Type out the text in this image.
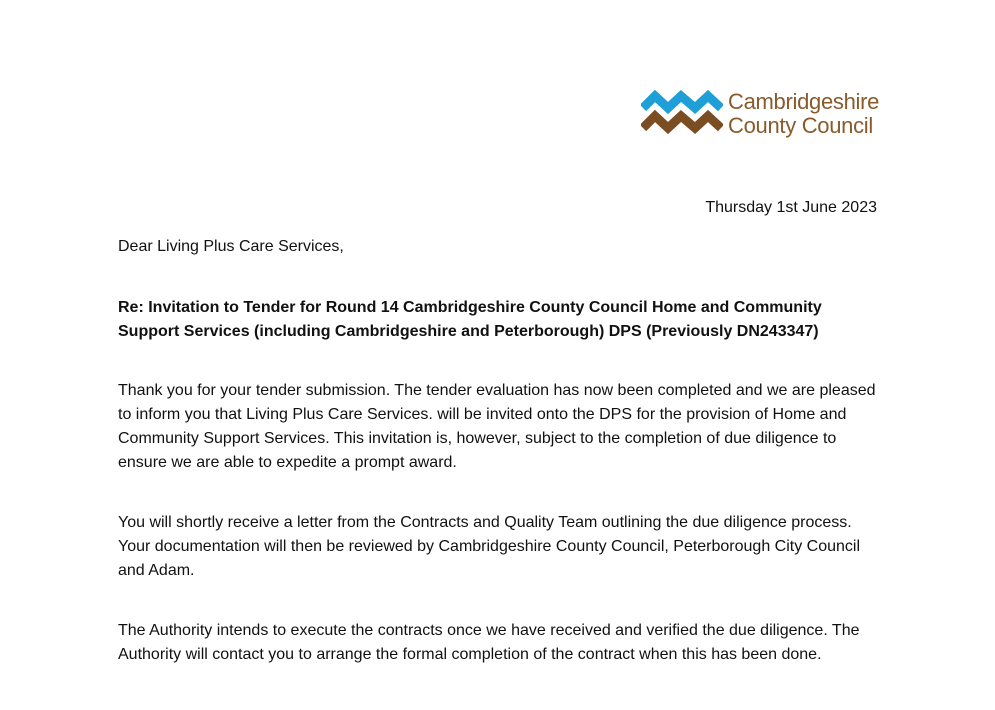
Cambridgeshire
County Council
Thursday 1st June 2023
Dear Living Plus Care Services,
Re: Invitation to Tender for Round 14 Cambridgeshire County Council Home and Community Support Services (including Cambridgeshire and Peterborough) DPS (Previously DN243347)
Thank you for your tender submission. The tender evaluation has now been completed and we are pleased to inform you that Living Plus Care Services. will be invited onto the DPS for the provision of Home and Community Support Services. This invitation is, however, subject to the completion of due diligence to ensure we are able to expedite a prompt award.
You will shortly receive a letter from the Contracts and Quality Team outlining the due diligence process. Your documentation will then be reviewed by Cambridgeshire County Council, Peterborough City Council and Adam.
The Authority intends to execute the contracts once we have received and verified the due diligence. The Authority will contact you to arrange the formal completion of the contract when this has been done.
